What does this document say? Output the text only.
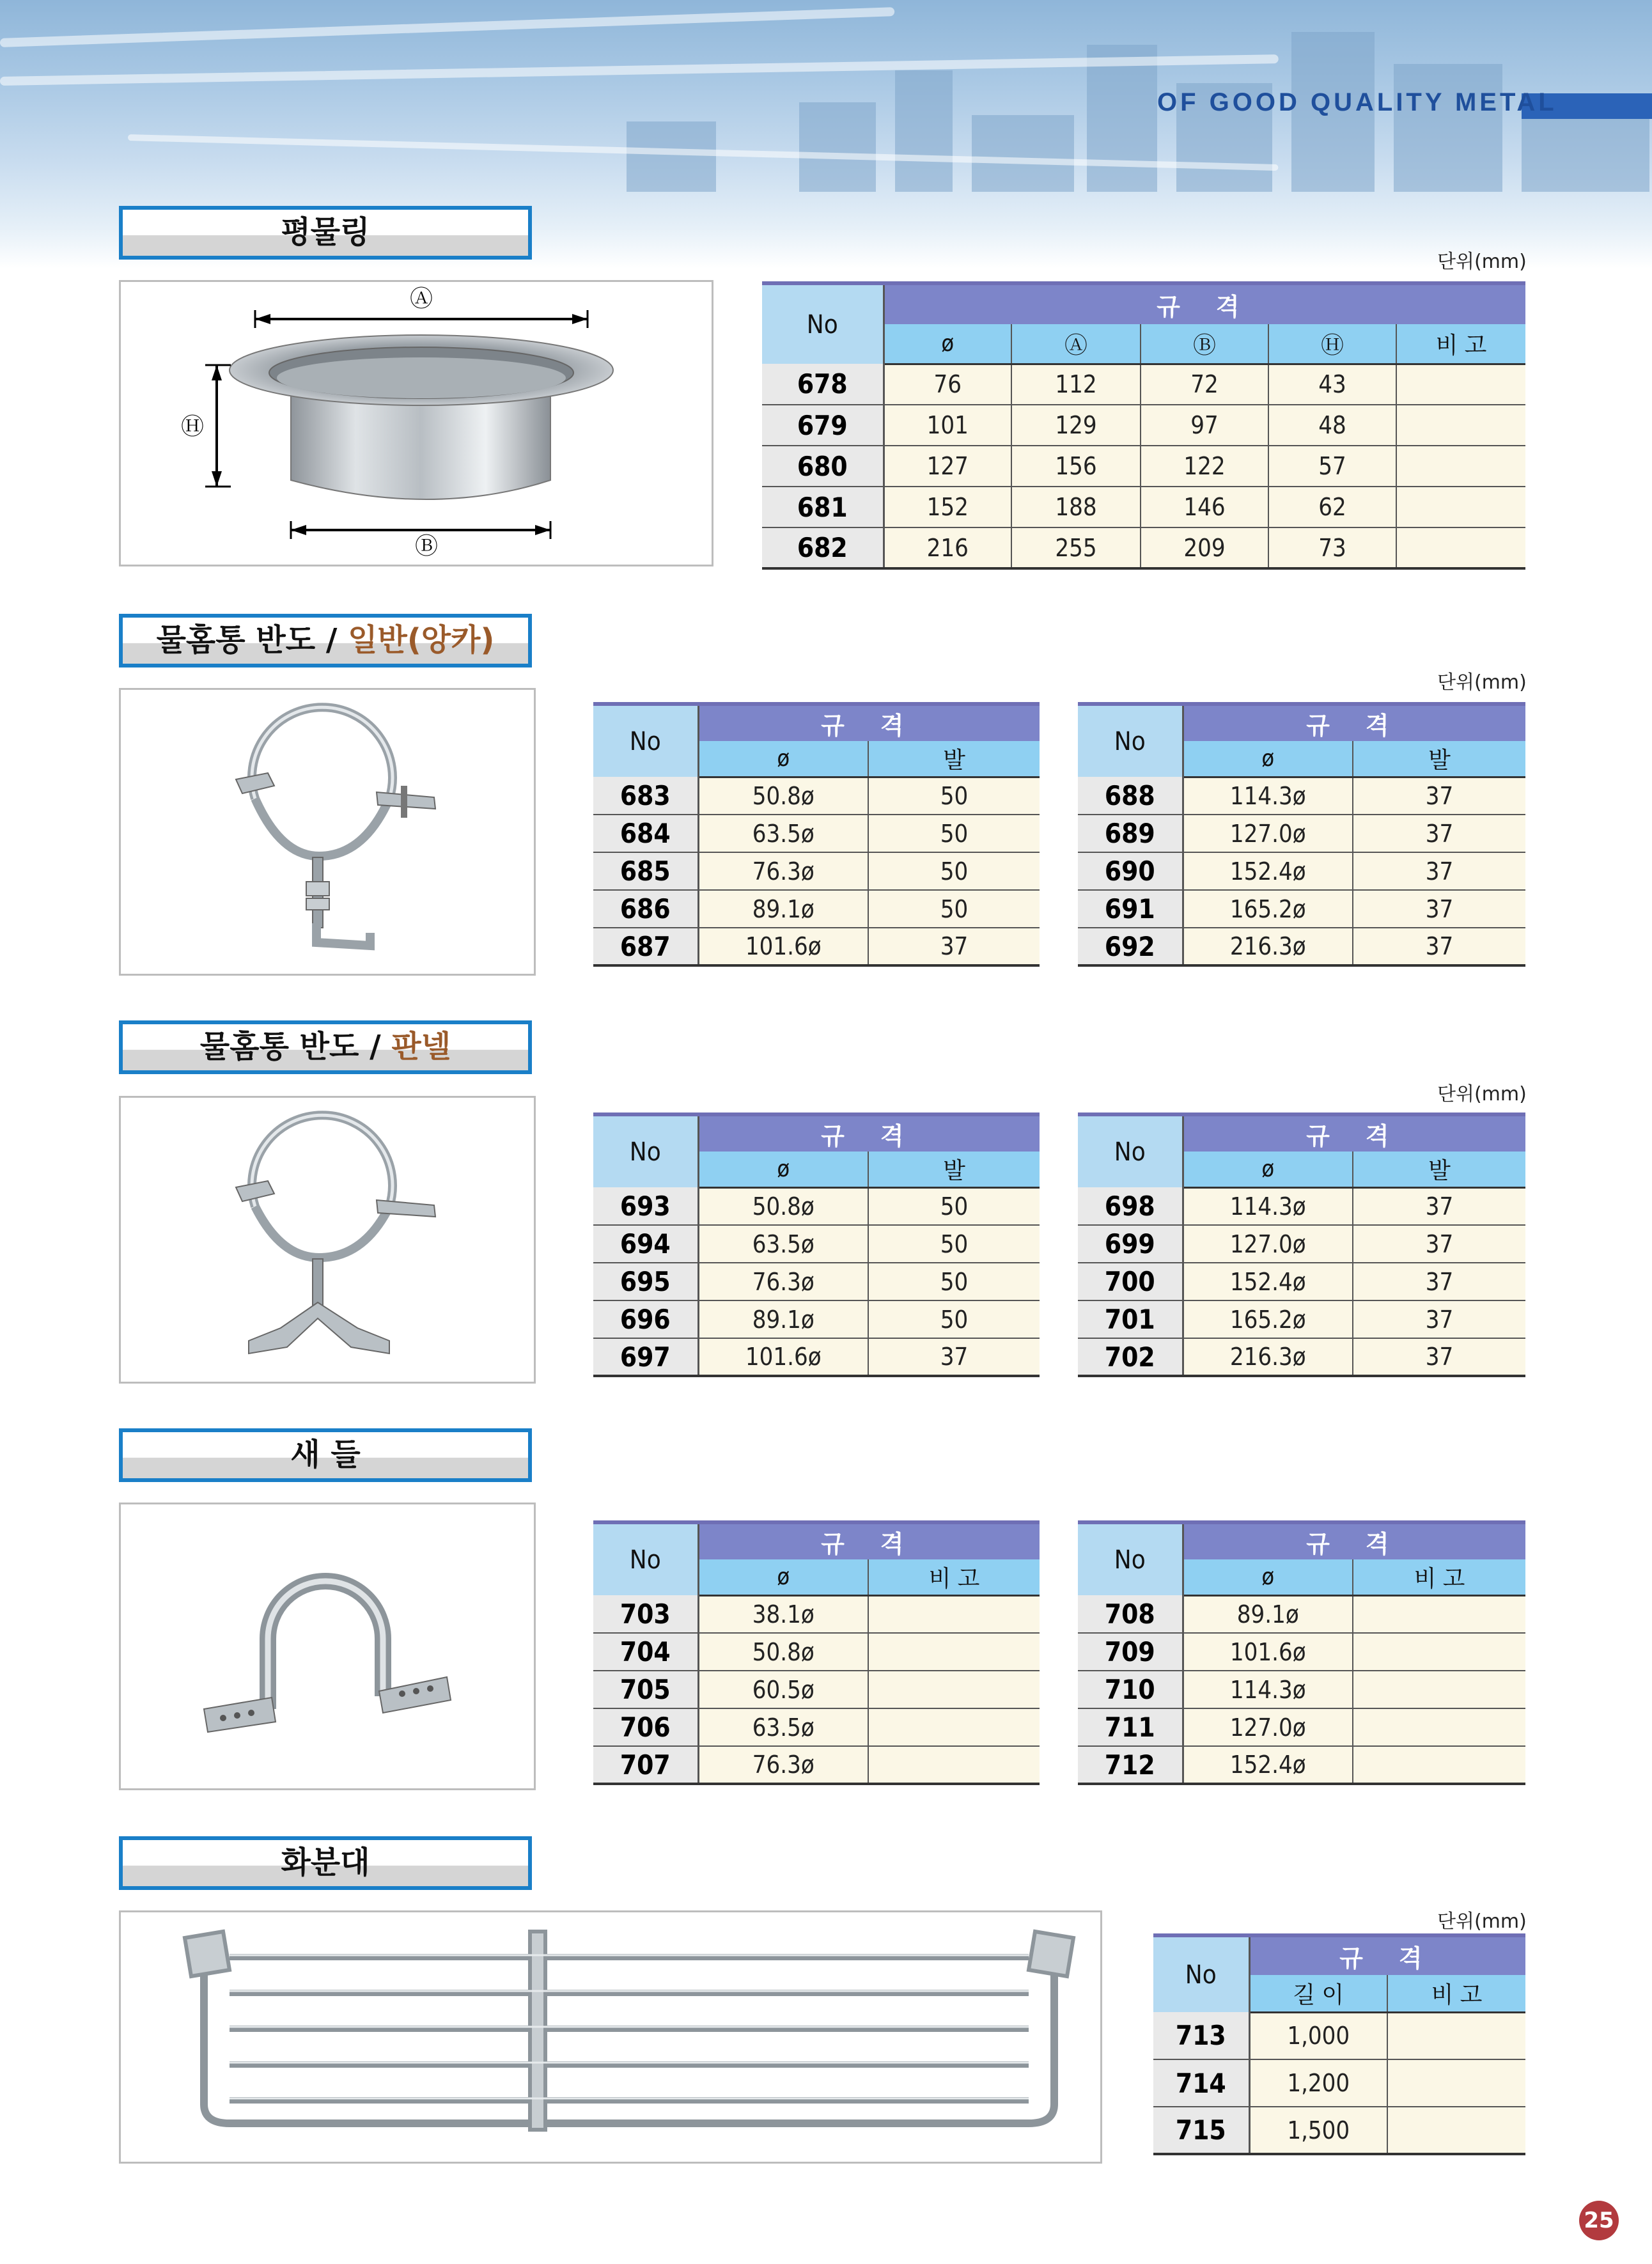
OF GOOD QUALITY METAL
평물링
단위(mm)
Ⓐ
Ⓑ
Ⓗ
No	규 격				
	ø	Ⓐ	Ⓑ	Ⓗ	비 고
678	76	112	72	43	
679	101	129	97	48	
680	127	156	122	57	
681	152	188	146	62	
682	216	255	209	73	
물홈통 반도 / 일반(앙카)
단위(mm)
No	규 격	
	ø	발
683	50.8ø	50
684	63.5ø	50
685	76.3ø	50
686	89.1ø	50
687	101.6ø	37
No	규 격	
	ø	발
688	114.3ø	37
689	127.0ø	37
690	152.4ø	37
691	165.2ø	37
692	216.3ø	37
물홈통 반도 / 판넬
단위(mm)
No	규 격	
	ø	발
693	50.8ø	50
694	63.5ø	50
695	76.3ø	50
696	89.1ø	50
697	101.6ø	37
No	규 격	
	ø	발
698	114.3ø	37
699	127.0ø	37
700	152.4ø	37
701	165.2ø	37
702	216.3ø	37
새 들
No	규 격	
	ø	비 고
703	38.1ø	
704	50.8ø	
705	60.5ø	
706	63.5ø	
707	76.3ø	
No	규 격	
	ø	비 고
708	89.1ø	
709	101.6ø	
710	114.3ø	
711	127.0ø	
712	152.4ø	
화분대
단위(mm)
No	규 격	
	길 이	비 고
713	1,000	
714	1,200	
715	1,500	
25
